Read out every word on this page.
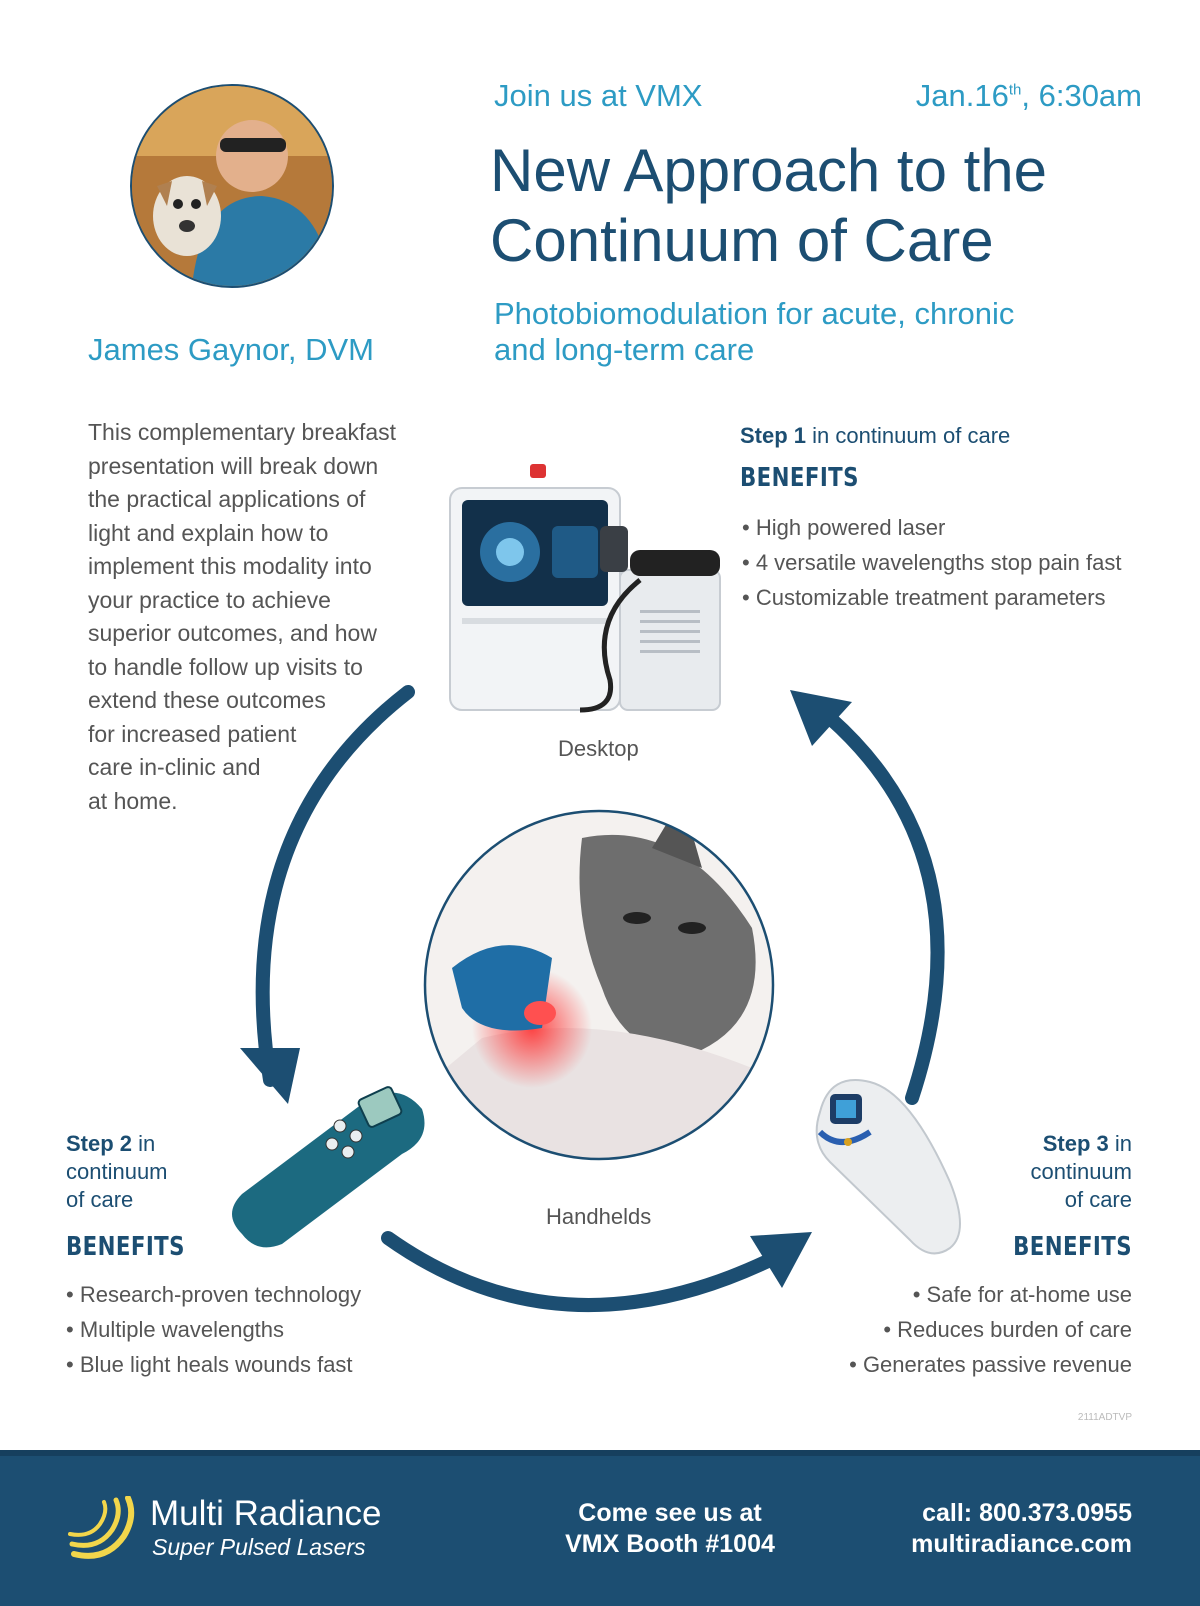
James Gaynor, DVM
Join us at VMX	Jan.16th, 6:30am
New Approach to the
Continuum of Care
Photobiomodulation for acute, chronic
and long-term care
This complementary breakfast
presentation will break down
the practical applications of
light and explain how to
implement this modality into
your practice to achieve
superior outcomes, and how
to handle follow up visits to
extend these outcomes
for increased patient
care in-clinic and
at home.
Desktop
Handhelds
Step 1 in continuum of care
BENEFITS
• High powered laser
• 4 versatile wavelengths stop pain fast
• Customizable treatment parameters
Step 2 in
continuum
of care
BENEFITS
• Research-proven technology
• Multiple wavelengths
• Blue light heals wounds fast
Step 3 in
continuum
of care
BENEFITS
• Safe for at-home use
• Reduces burden of care
• Generates passive revenue
2111ADTVP
Multi Radiance
Super Pulsed Lasers
Come see us at
VMX Booth #1004
call: 800.373.0955
multiradiance.com
